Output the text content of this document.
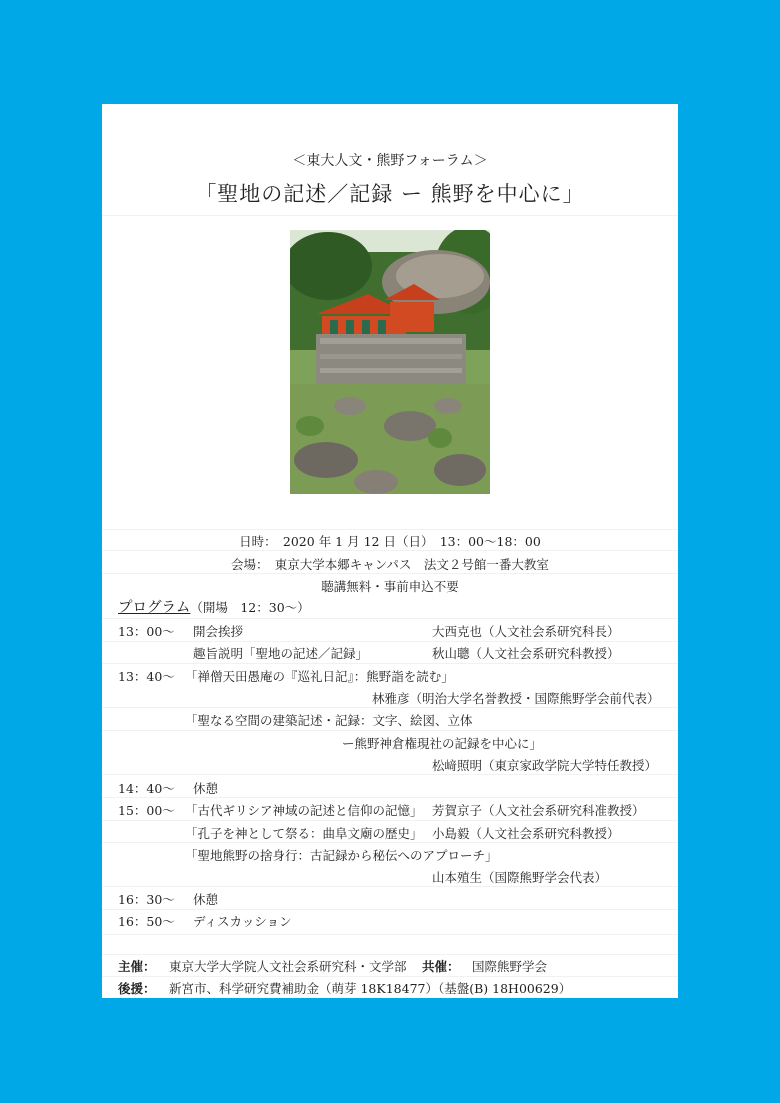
＜東大人文・熊野フォーラム＞
「聖地の記述／記録 ー 熊野を中心に」
日時：　2020 年 1 月 12 日（日）　13：00〜18：00
会場：　東京大学本郷キャンパス　法文２号館一番大教室
聴講無料・事前申込不要
プログラム（開場　12：30〜）
13：00〜 開会挨拶	大西克也（人文社会系研究科長）
趣旨説明「聖地の記述／記録」	秋山聰（人文社会系研究科教授）
13：40〜 「禅僧天田愚庵の『巡礼日記』：熊野詣を読む」
林雅彦（明治大学名誉教授・国際熊野学会前代表）
「聖なる空間の建築記述・記録：文字、絵図、立体
ー熊野神倉権現社の記録を中心に」
松﨑照明（東京家政学院大学特任教授）
14：40〜 休憩
15：00〜 「古代ギリシア神域の記述と信仰の記憶」 芳賀京子（人文社会系研究科准教授）
「孔子を神として祭る：曲阜文廟の歴史」 小島毅（人文社会系研究科教授）
「聖地熊野の捨身行：古記録から秘伝へのアプローチ」
山本殖生（国際熊野学会代表）
16：30〜 休憩
16：50〜 ディスカッション
主催： 東京大学大学院人文社会系研究科・文学部 共催： 国際熊野学会
後援： 新宮市、科学研究費補助金（萌芽 18K18477）（基盤(B) 18H00629）
